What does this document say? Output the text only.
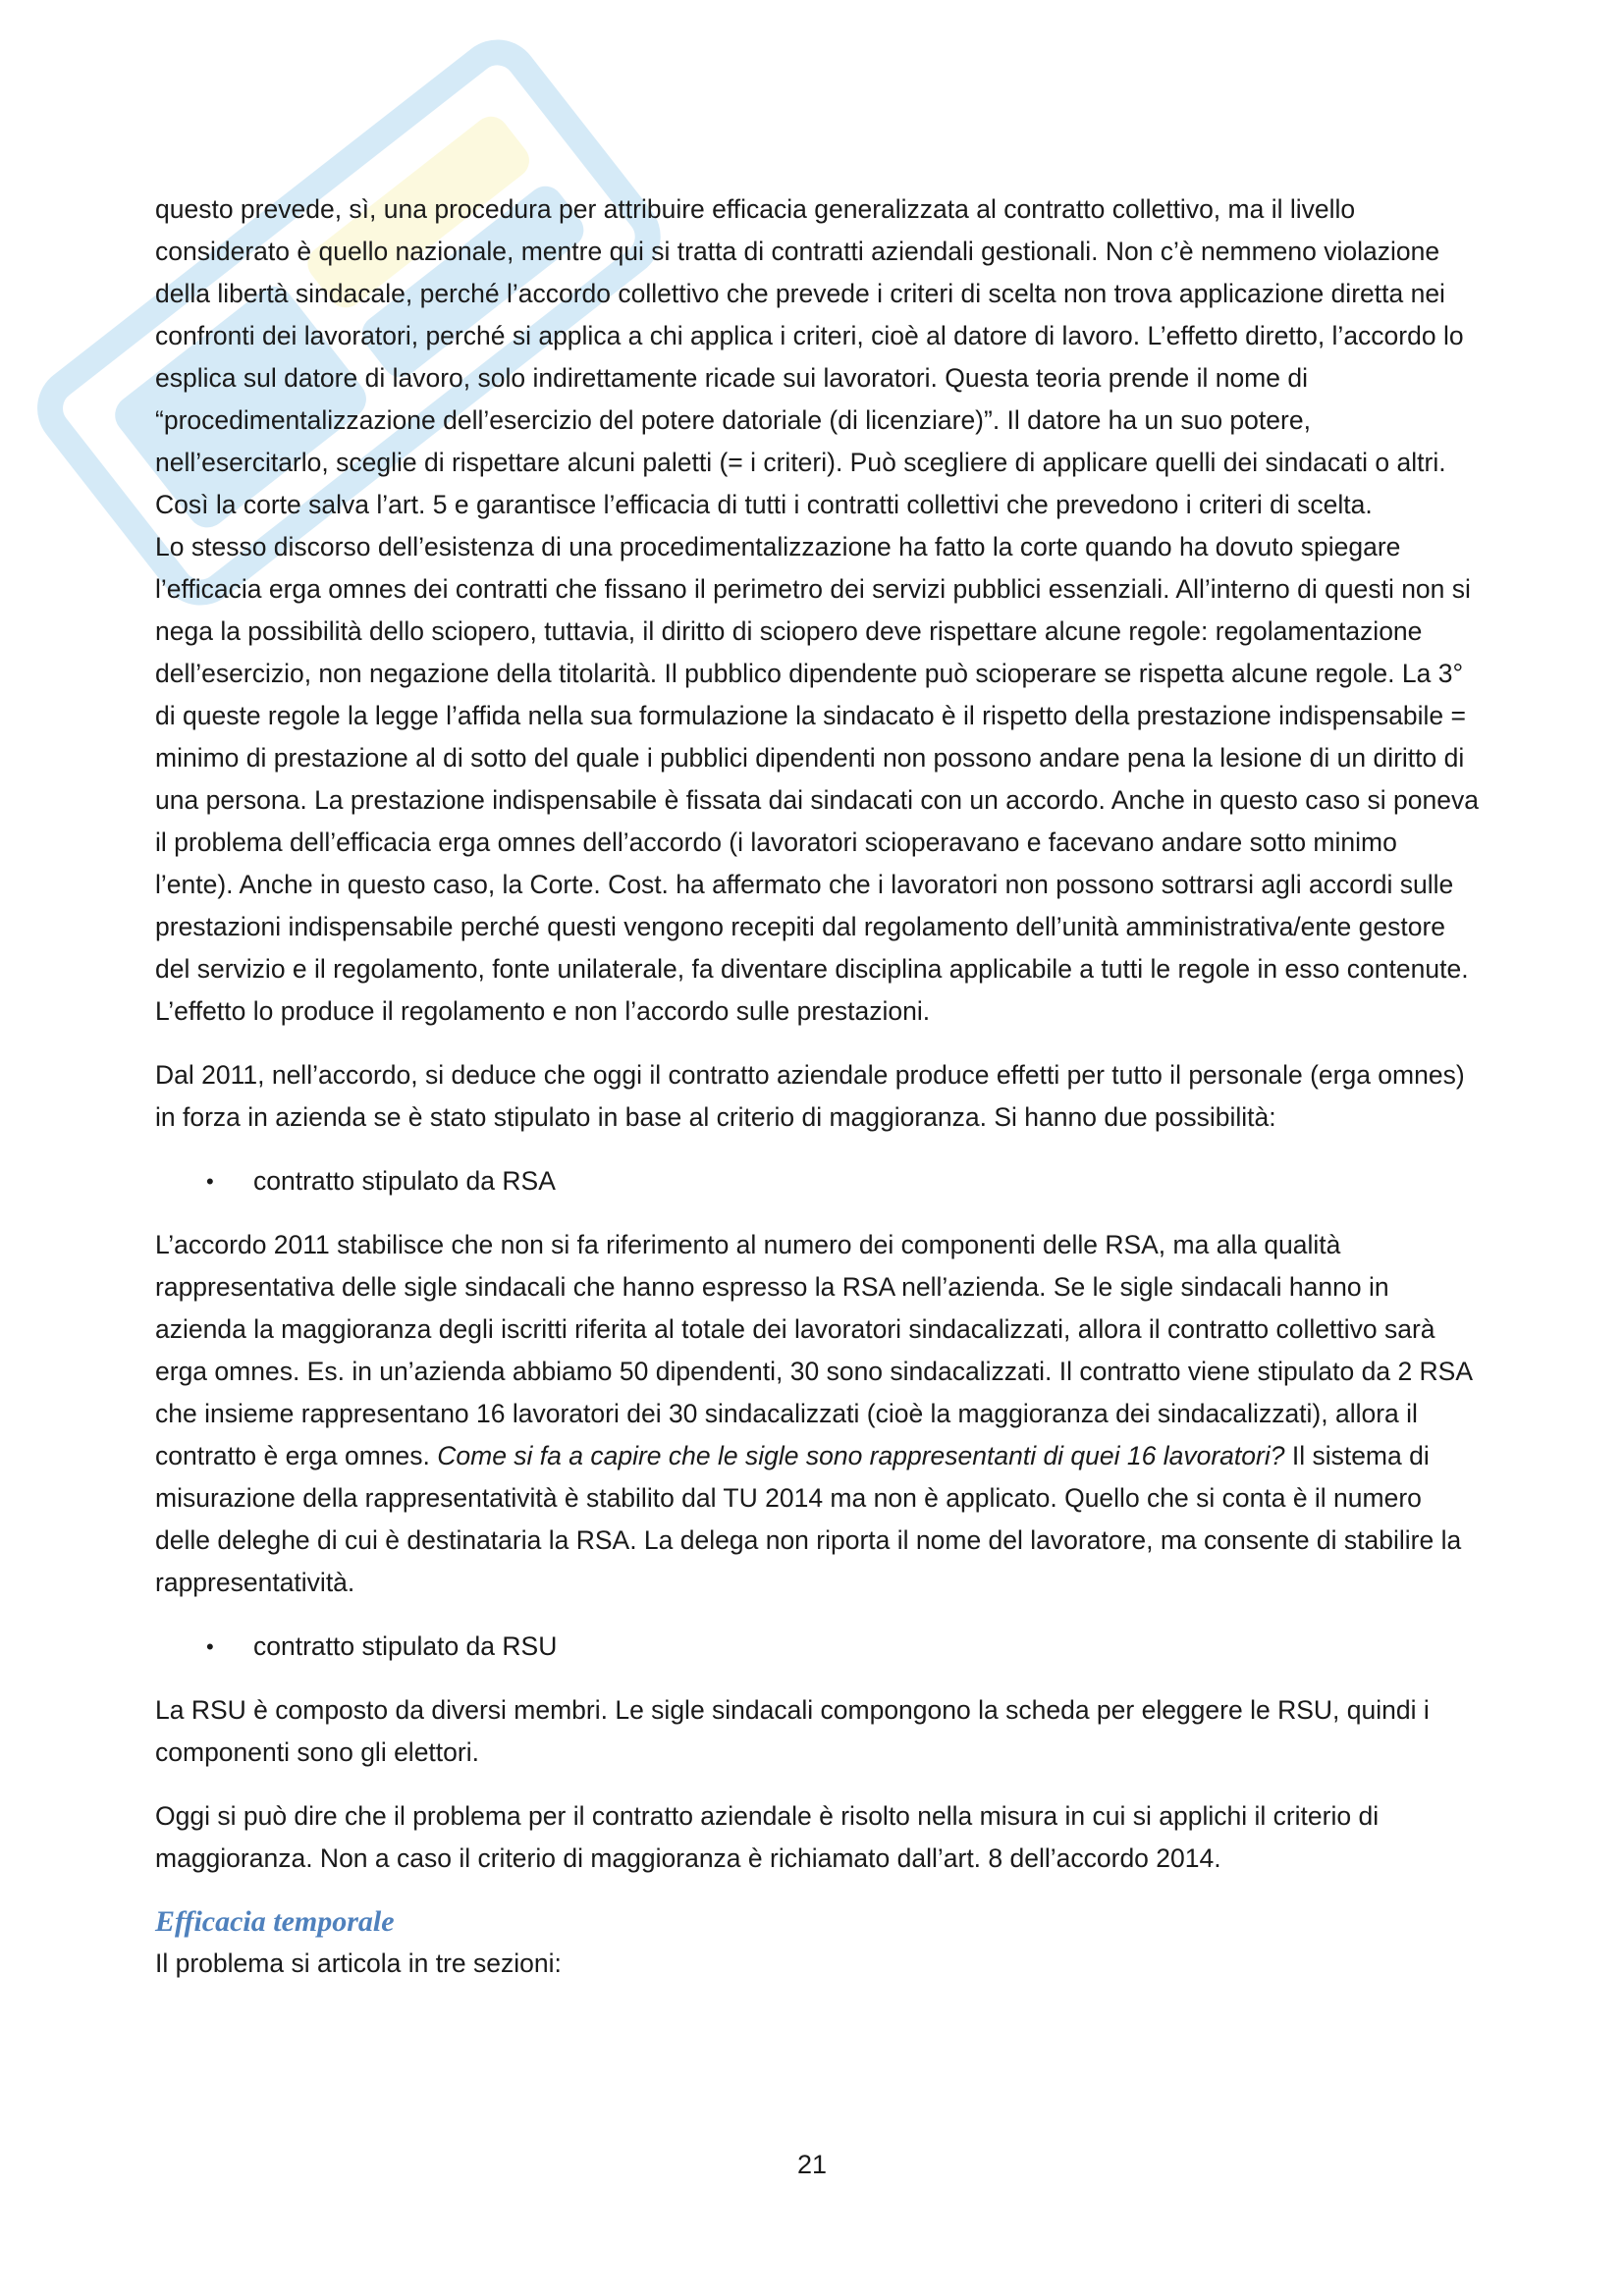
questo prevede, sì, una procedura per attribuire efficacia generalizzata al contratto collettivo, ma il livello considerato è quello nazionale, mentre qui si tratta di contratti aziendali gestionali. Non c’è nemmeno violazione della libertà sindacale, perché l’accordo collettivo che prevede i criteri di scelta non trova applicazione diretta nei confronti dei lavoratori, perché si applica a chi applica i criteri, cioè al datore di lavoro. L’effetto diretto, l’accordo lo esplica sul datore di lavoro, solo indirettamente ricade sui lavoratori. Questa teoria prende il nome di “procedimentalizzazione dell’esercizio del potere datoriale (di licenziare)”. Il datore ha un suo potere, nell’esercitarlo, sceglie di rispettare alcuni paletti (= i criteri). Può scegliere di applicare quelli dei sindacati o altri. Così la corte salva l’art. 5 e garantisce l’efficacia di tutti i contratti collettivi che prevedono i criteri di scelta.

Lo stesso discorso dell’esistenza di una procedimentalizzazione ha fatto la corte quando ha dovuto spiegare l’efficacia erga omnes dei contratti che fissano il perimetro dei servizi pubblici essenziali. All’interno di questi non si nega la possibilità dello sciopero, tuttavia, il diritto di sciopero deve rispettare alcune regole: regolamentazione dell’esercizio, non negazione della titolarità. Il pubblico dipendente può scioperare se rispetta alcune regole. La 3° di queste regole la legge l’affida nella sua formulazione la sindacato è il rispetto della prestazione indispensabile = minimo di prestazione al di sotto del quale i pubblici dipendenti non possono andare pena la lesione di un diritto di una persona. La prestazione indispensabile è fissata dai sindacati con un accordo. Anche in questo caso si poneva il problema dell’efficacia erga omnes dell’accordo (i lavoratori scioperavano e facevano andare sotto minimo l’ente). Anche in questo caso, la Corte. Cost. ha affermato che i lavoratori non possono sottrarsi agli accordi sulle prestazioni indispensabile perché questi vengono recepiti dal regolamento dell’unità amministrativa/ente gestore del servizio e il regolamento, fonte unilaterale, fa diventare disciplina applicabile a tutti le regole in esso contenute. L’effetto lo produce il regolamento e non l’accordo sulle prestazioni.

Dal 2011, nell’accordo, si deduce che oggi il contratto aziendale produce effetti per tutto il personale (erga omnes) in forza in azienda se è stato stipulato in base al criterio di maggioranza. Si hanno due possibilità:

• contratto stipulato da RSA

L’accordo 2011 stabilisce che non si fa riferimento al numero dei componenti delle RSA, ma alla qualità rappresentativa delle sigle sindacali che hanno espresso la RSA nell’azienda. Se le sigle sindacali hanno in azienda la maggioranza degli iscritti riferita al totale dei lavoratori sindacalizzati, allora il contratto collettivo sarà erga omnes. Es. in un’azienda abbiamo 50 dipendenti, 30 sono sindacalizzati. Il contratto viene stipulato da 2 RSA che insieme rappresentano 16 lavoratori dei 30 sindacalizzati (cioè la maggioranza dei sindacalizzati), allora il contratto è erga omnes. Come si fa a capire che le sigle sono rappresentanti di quei 16 lavoratori? Il sistema di misurazione della rappresentatività è stabilito dal TU 2014 ma non è applicato. Quello che si conta è il numero delle deleghe di cui è destinataria la RSA. La delega non riporta il nome del lavoratore, ma consente di stabilire la rappresentatività.

• contratto stipulato da RSU

La RSU è composto da diversi membri. Le sigle sindacali compongono la scheda per eleggere le RSU, quindi i componenti sono gli elettori.

Oggi si può dire che il problema per il contratto aziendale è risolto nella misura in cui si applichi il criterio di maggioranza. Non a caso il criterio di maggioranza è richiamato dall’art. 8 dell’accordo 2014.

Efficacia temporale

Il problema si articola in tre sezioni:

21
